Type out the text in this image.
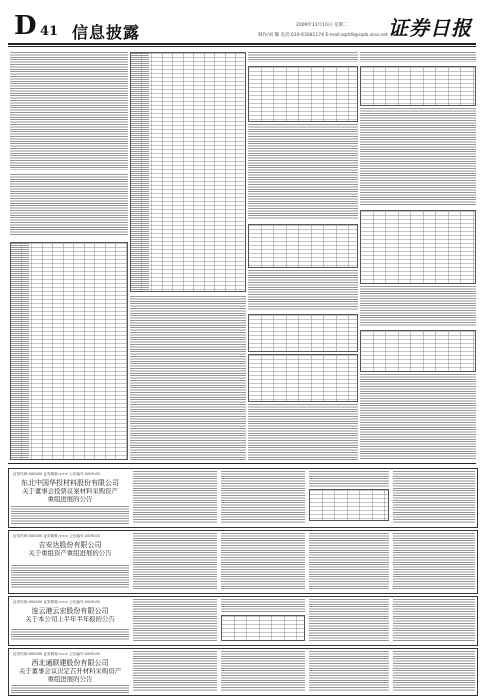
D 41 信息披露	2009年11月10日 星期二
制作/刘 馨 电话:010-63081174 E-mail:zqrb9@zqrb.sina.net 证券日报
证券代码:000000 证券简称:××× 公告编号:2009-00
东北中国华投材料股份有限公司
关于董事会投票议案材料采购资产
重组进展的公告
证券代码:000000 证券简称:××× 公告编号:2009-00
吉安达股份有限公司
关于重组资产重组进展的公告
证券代码:000000 证券简称:××× 公告编号:2009-00
连云港云宏股份有限公司
关于本公司上半年半年报的公告
证券代码:000000 证券简称:××× 公告编号:2009-00
西北通联建股份有限公司
关于董事会议决定召开材料采购资产
重组进展的公告
